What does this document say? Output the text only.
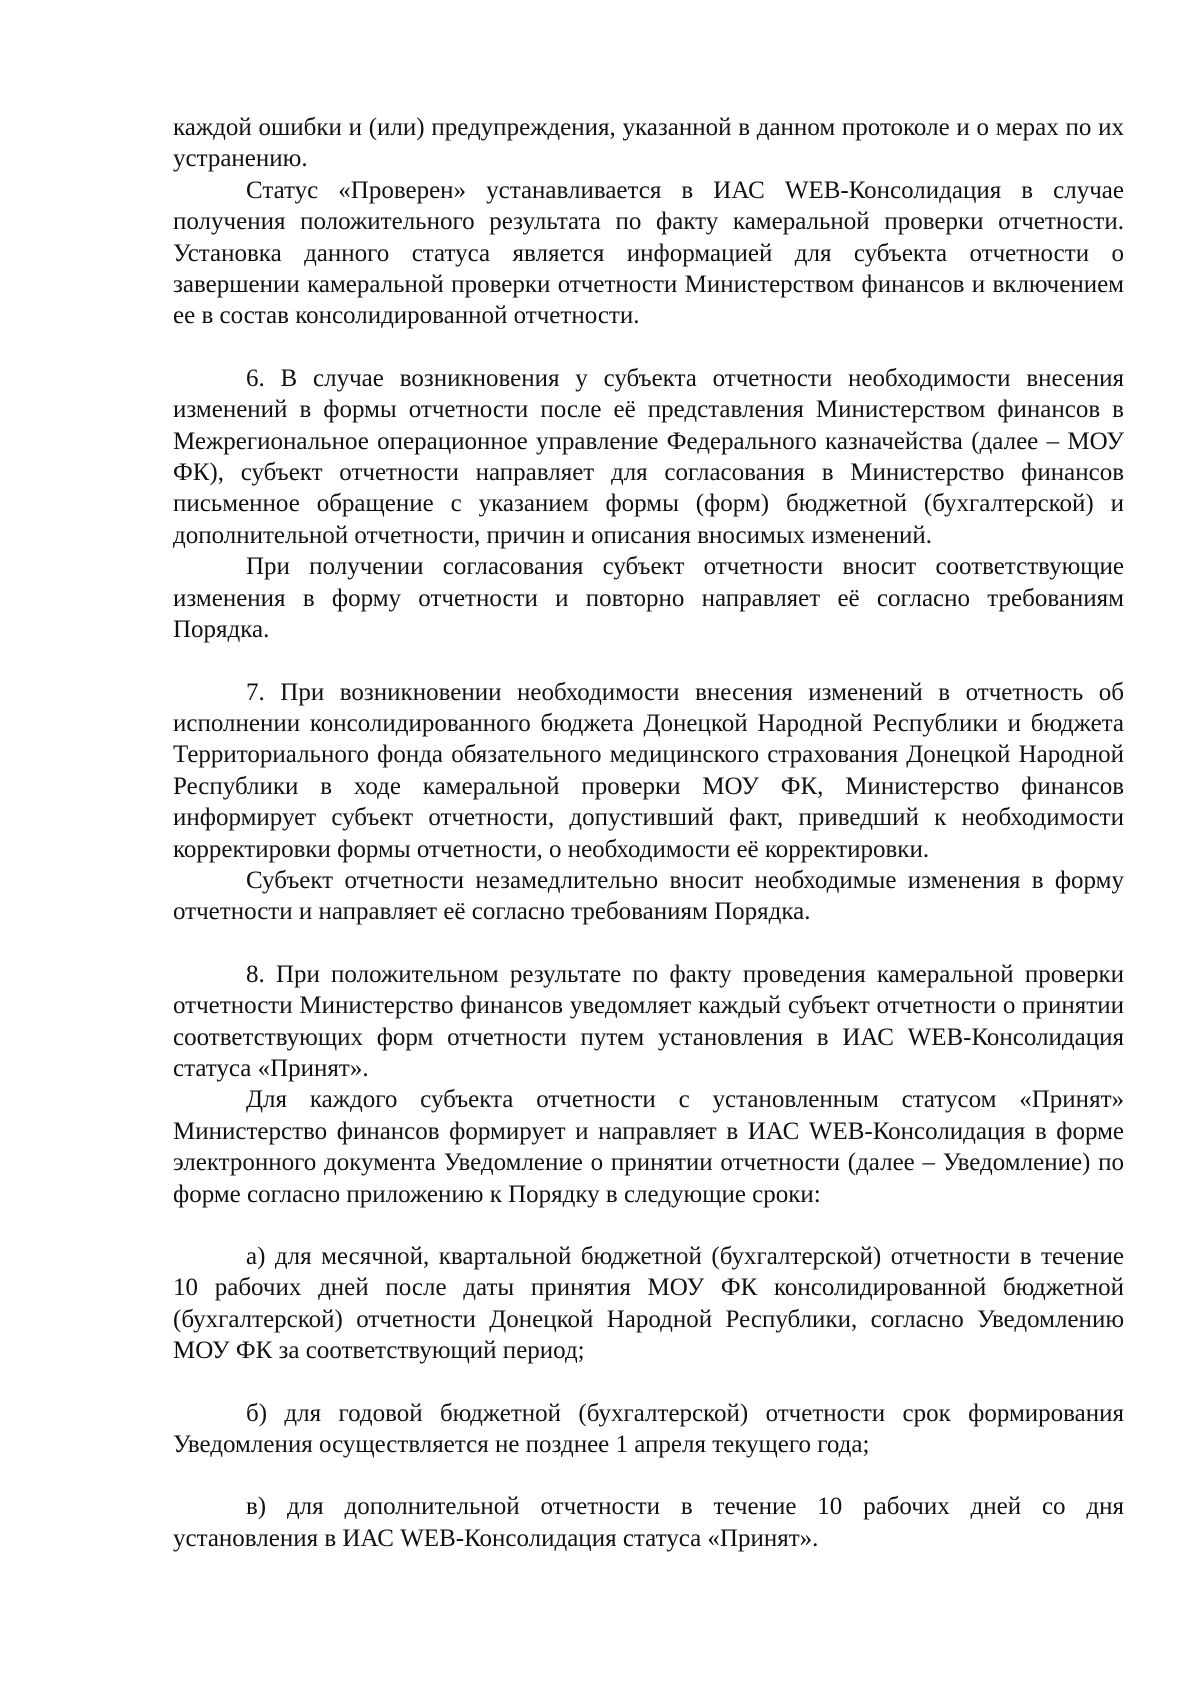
каждой ошибки и (или) предупреждения, указанной в данном протоколе и о мерах по их устранению.

Статус «Проверен» устанавливается в ИАС WEB-Консолидация в случае получения положительного результата по факту камеральной проверки отчетности. Установка данного статуса является информацией для субъекта отчетности о завершении камеральной проверки отчетности Министерством финансов и включением ее в состав консолидированной отчетности.

6. В случае возникновения у субъекта отчетности необходимости внесения изменений в формы отчетности после её представления Министерством финансов в Межрегиональное операционное управление Федерального казначейства (далее – МОУ ФК), субъект отчетности направляет для согласования в Министерство финансов письменное обращение с указанием формы (форм) бюджетной (бухгалтерской) и дополнительной отчетности, причин и описания вносимых изменений.

При получении согласования субъект отчетности вносит соответствующие изменения в форму отчетности и повторно направляет её согласно требованиям Порядка.

7. При возникновении необходимости внесения изменений в отчетность об исполнении консолидированного бюджета Донецкой Народной Республики и бюджета Территориального фонда обязательного медицинского страхования Донецкой Народной Республики в ходе камеральной проверки МОУ ФК, Министерство финансов информирует субъект отчетности, допустивший факт, приведший к необходимости корректировки формы отчетности, о необходимости её корректировки.

Субъект отчетности незамедлительно вносит необходимые изменения в форму отчетности и направляет её согласно требованиям Порядка.

8. При положительном результате по факту проведения камеральной проверки отчетности Министерство финансов уведомляет каждый субъект отчетности о принятии соответствующих форм отчетности путем установления в ИАС WEB-Консолидация статуса «Принят».

Для каждого субъекта отчетности с установленным статусом «Принят» Министерство финансов формирует и направляет в ИАС WEB-Консолидация в форме электронного документа Уведомление о принятии отчетности (далее – Уведомление) по форме согласно приложению к Порядку в следующие сроки:

а) для месячной, квартальной бюджетной (бухгалтерской) отчетности в течение 10 рабочих дней после даты принятия МОУ ФК консолидированной бюджетной (бухгалтерской) отчетности Донецкой Народной Республики, согласно Уведомлению МОУ ФК за соответствующий период;

б) для годовой бюджетной (бухгалтерской) отчетности срок формирования Уведомления осуществляется не позднее 1 апреля текущего года;

в) для дополнительной отчетности в течение 10 рабочих дней со дня установления в ИАС WEB-Консолидация статуса «Принят».
